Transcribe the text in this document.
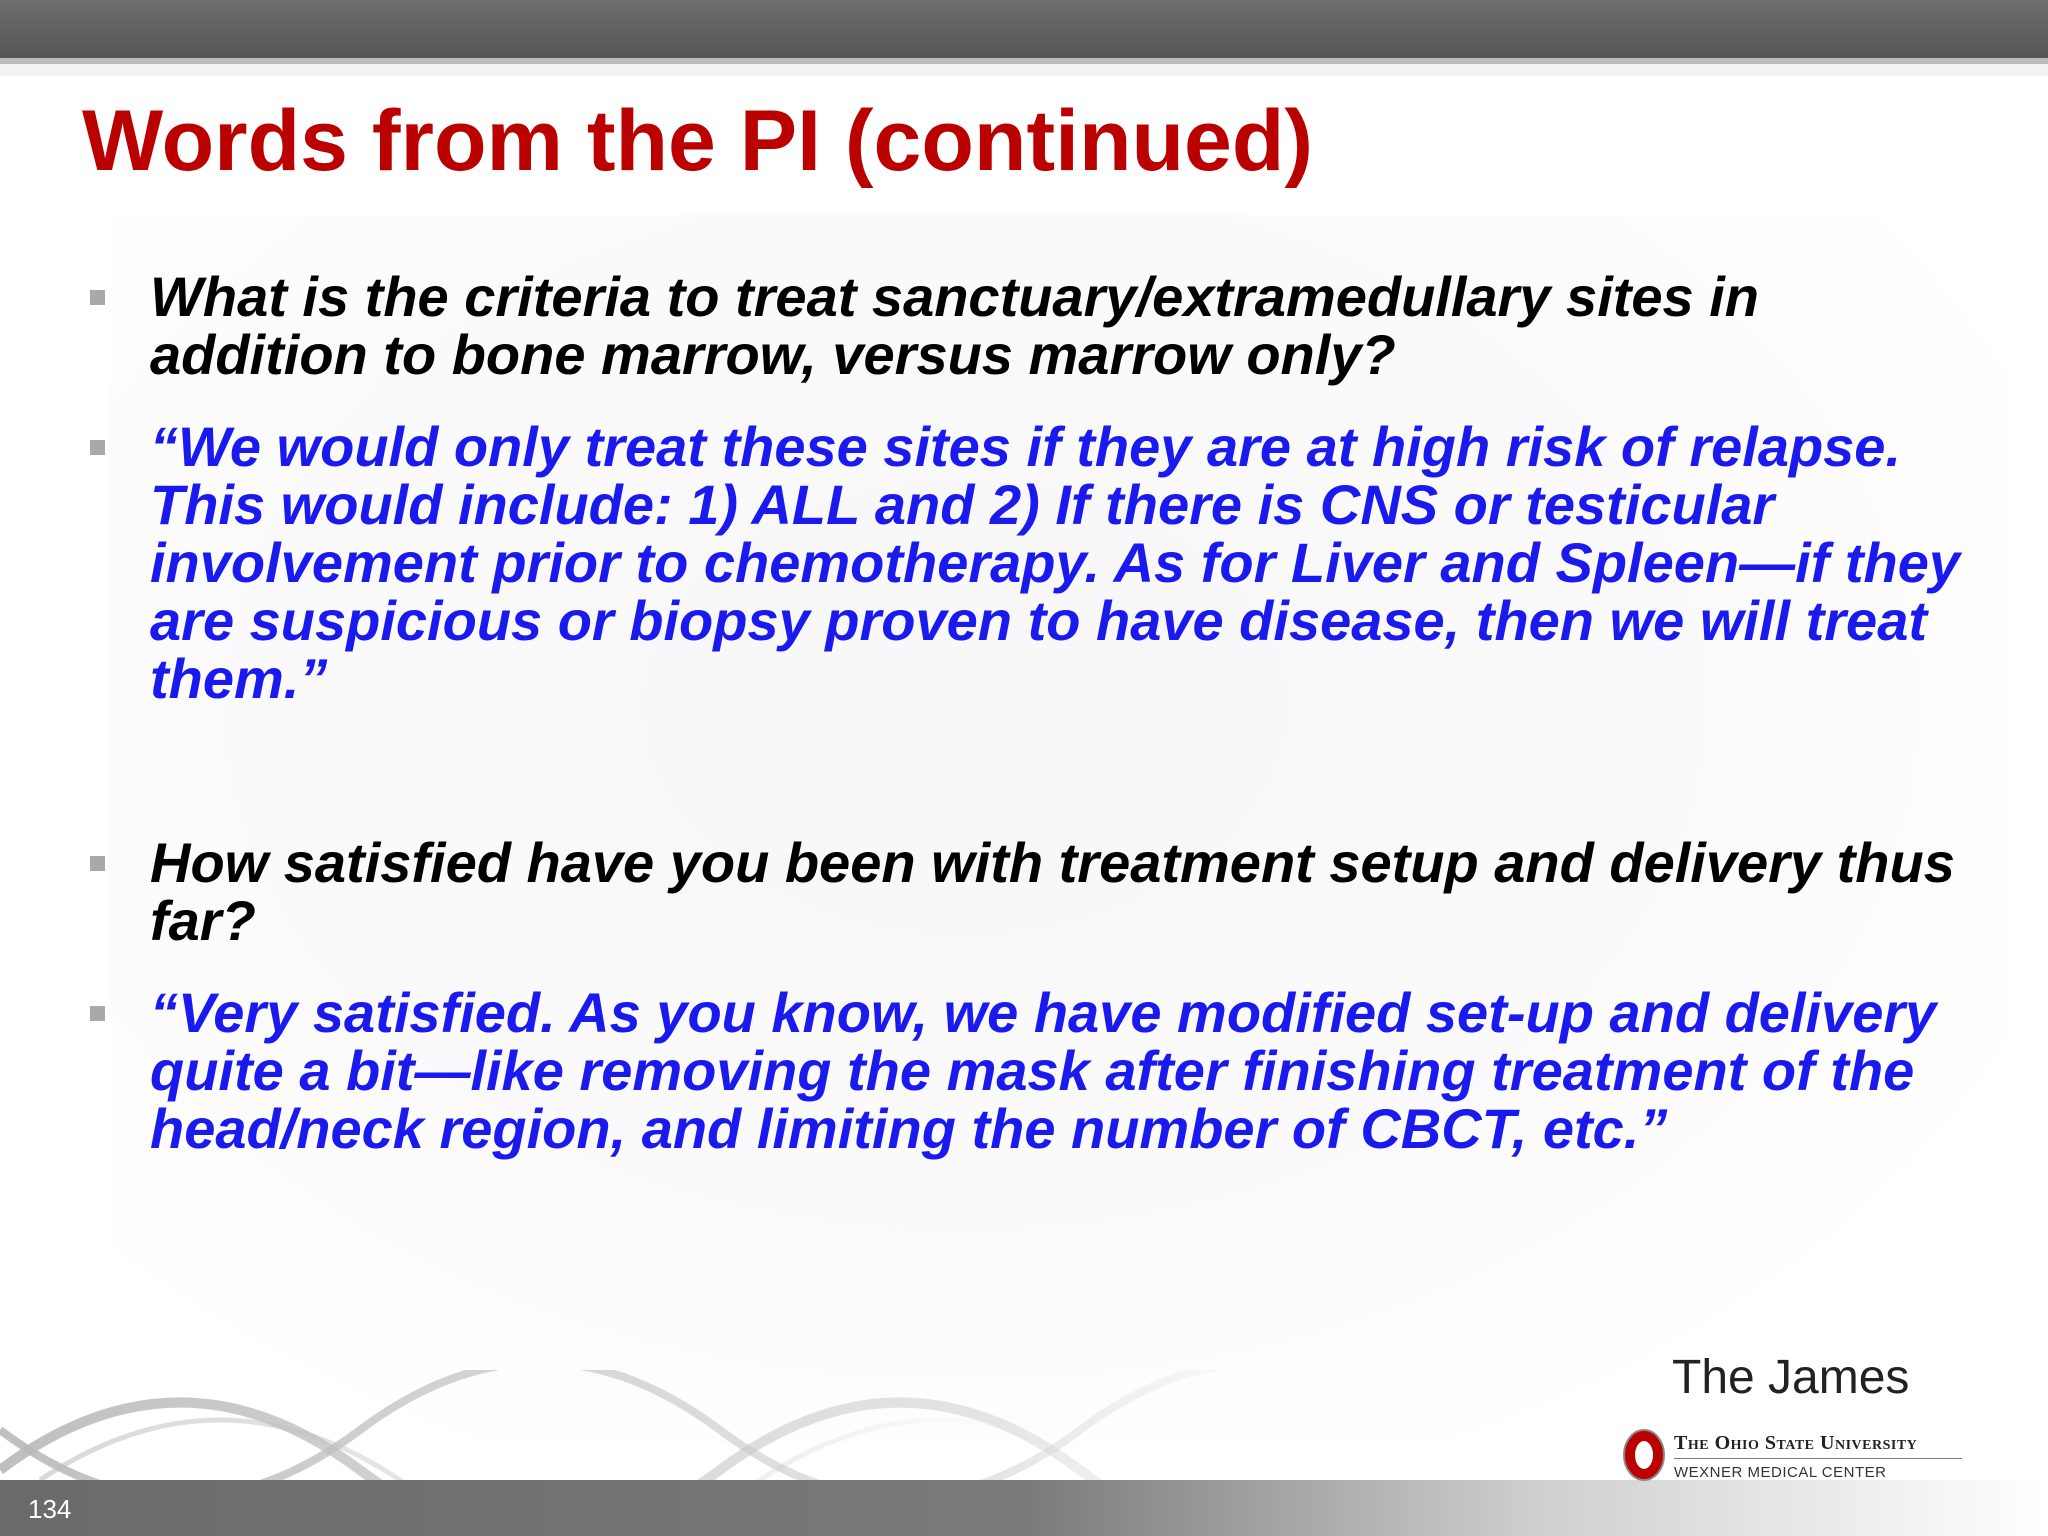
Words from the PI (continued)

What is the criteria to treat sanctuary/extramedullary sites in addition to bone marrow, versus marrow only?

“We would only treat these sites if they are at high risk of relapse. This would include: 1) ALL and 2) If there is CNS or testicular involvement prior to chemotherapy. As for Liver and Spleen—if they are suspicious or biopsy proven to have disease, then we will treat them.”

How satisfied have you been with treatment setup and delivery thus far?

“Very satisfied. As you know, we have modified set-up and delivery quite a bit—like removing the mask after finishing treatment of the head/neck region, and limiting the number of CBCT, etc.”

134
The James
The Ohio State University
WEXNER MEDICAL CENTER
